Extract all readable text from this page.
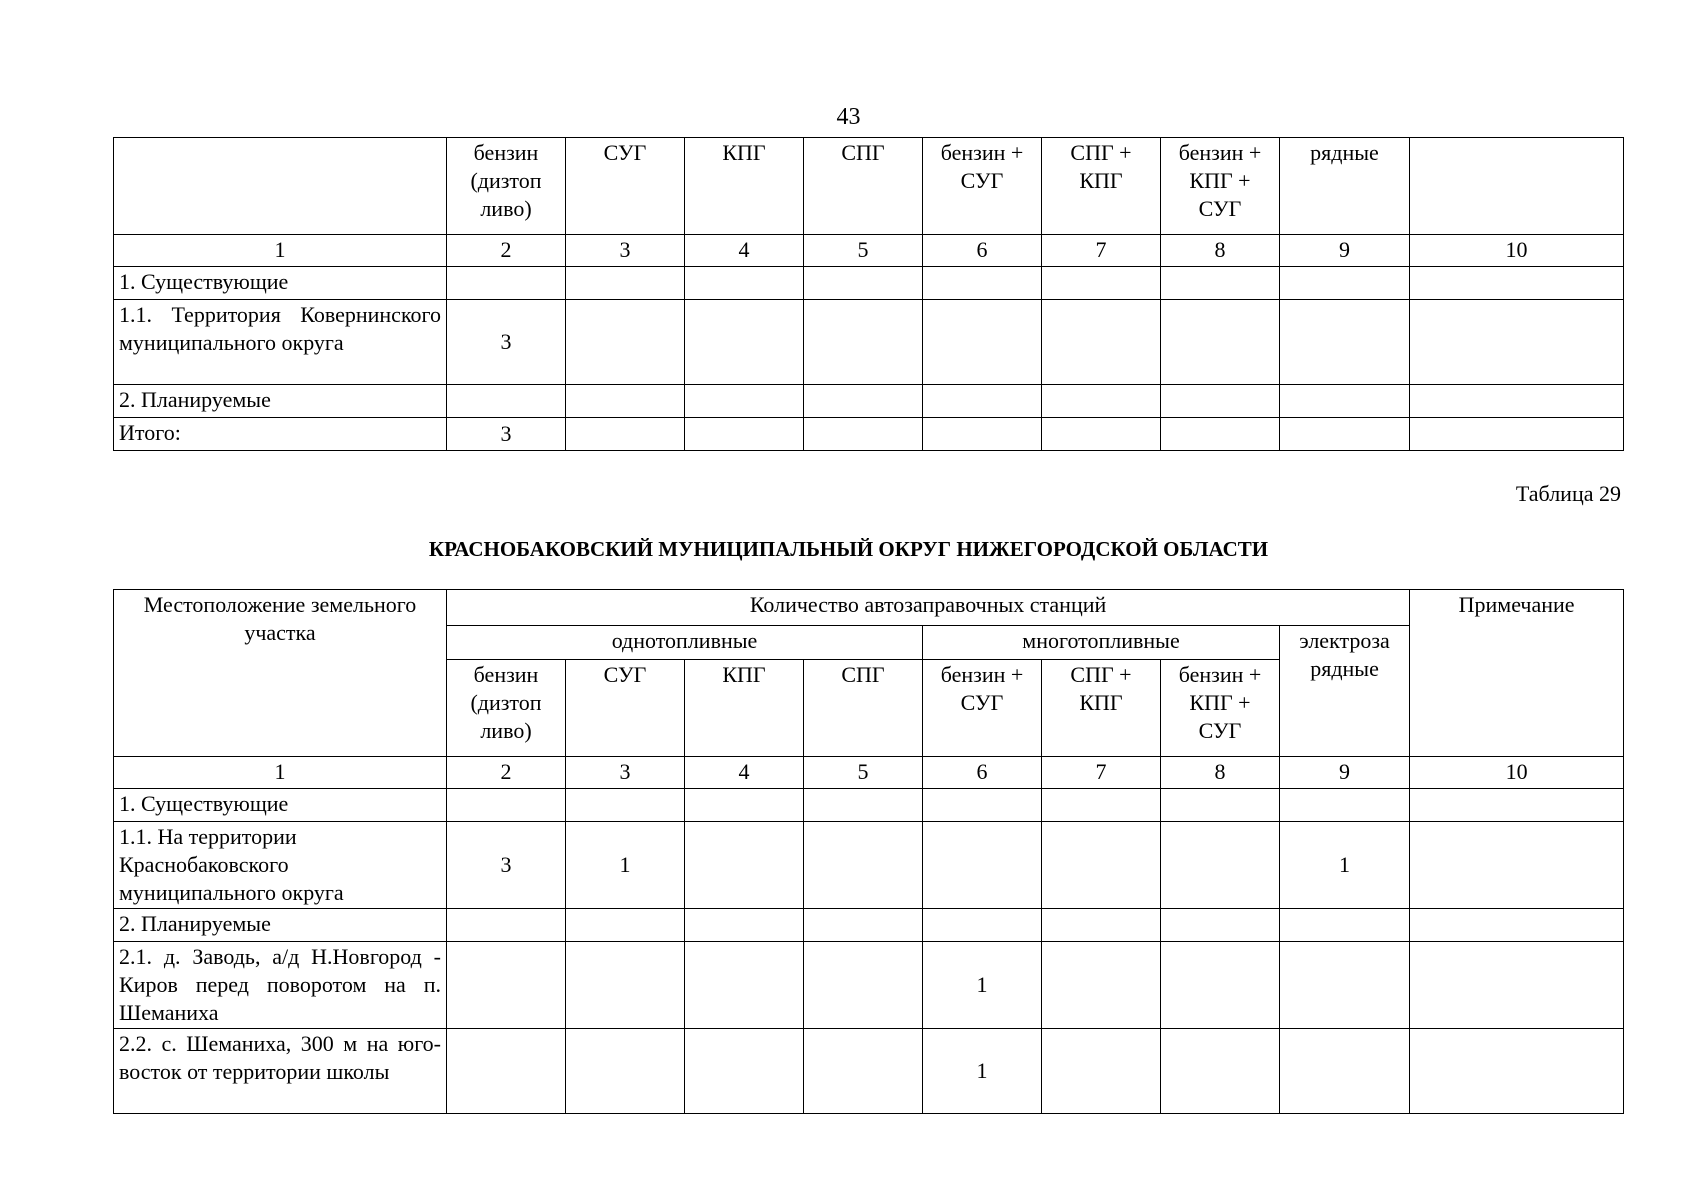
43
	бензин (дизтоп ливо)	СУГ	КПГ	СПГ	бензин + СУГ	СПГ + КПГ	бензин + КПГ + СУГ	рядные	
1	2	3	4	5	6	7	8	9	10
1. Существующие									
1.1. Территория Ковернинского муниципального округа	3								
2. Планируемые									
Итого:	3								
Таблица 29
КРАСНОБАКОВСКИЙ МУНИЦИПАЛЬНЫЙ ОКРУГ НИЖЕГОРОДСКОЙ ОБЛАСТИ
Местоположение земельного участка	Количество автозаправочных станций								Примечание
	однотопливные				многотопливные			электроза рядные	
	бензин (дизтоп ливо)	СУГ	КПГ	СПГ	бензин + СУГ	СПГ + КПГ	бензин + КПГ + СУГ		
1	2	3	4	5	6	7	8	9	10
1. Существующие									
1.1. На территории Краснобаковского муниципального округа	3	1						1	
2. Планируемые									
2.1. д. Заводь, а/д Н.Новгород - Киров перед поворотом на п. Шеманиха					1				
2.2. с. Шеманиха, 300 м на юго-восток от территории школы					1				
